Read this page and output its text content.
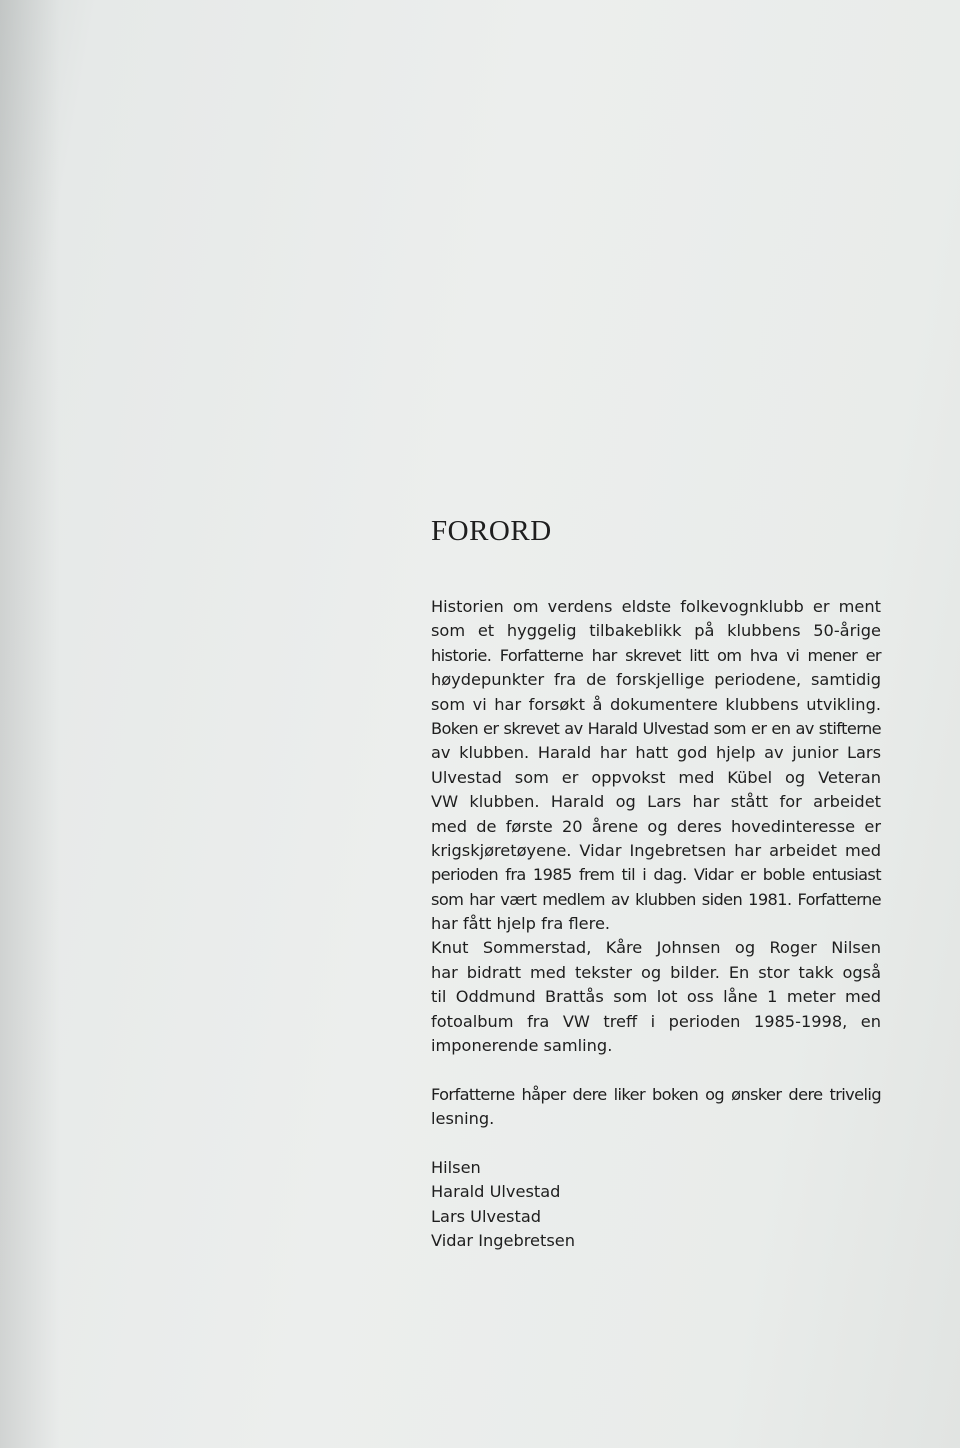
FORORD
Historien om verdens eldste folkevognklubb er ment
som et hyggelig tilbakeblikk på klubbens 50-årige
historie. Forfatterne har skrevet litt om hva vi mener er
høydepunkter fra de forskjellige periodene, samtidig
som vi har forsøkt å dokumentere klubbens utvikling.
Boken er skrevet av Harald Ulvestad som er en av stifterne
av klubben. Harald har hatt god hjelp av junior Lars
Ulvestad som er oppvokst med Kübel og Veteran
VW klubben. Harald og Lars har stått for arbeidet
med de første 20 årene og deres hovedinteresse er
krigskjøretøyene. Vidar Ingebretsen har arbeidet med
perioden fra 1985 frem til i dag. Vidar er boble entusiast
som har vært medlem av klubben siden 1981. Forfatterne
har fått hjelp fra flere.
Knut Sommerstad, Kåre Johnsen og Roger Nilsen
har bidratt med tekster og bilder. En stor takk også
til Oddmund Brattås som lot oss låne 1 meter med
fotoalbum fra VW treff i perioden 1985-1998, en
imponerende samling.
Forfatterne håper dere liker boken og ønsker dere trivelig
lesning.
Hilsen
Harald Ulvestad
Lars Ulvestad
Vidar Ingebretsen
